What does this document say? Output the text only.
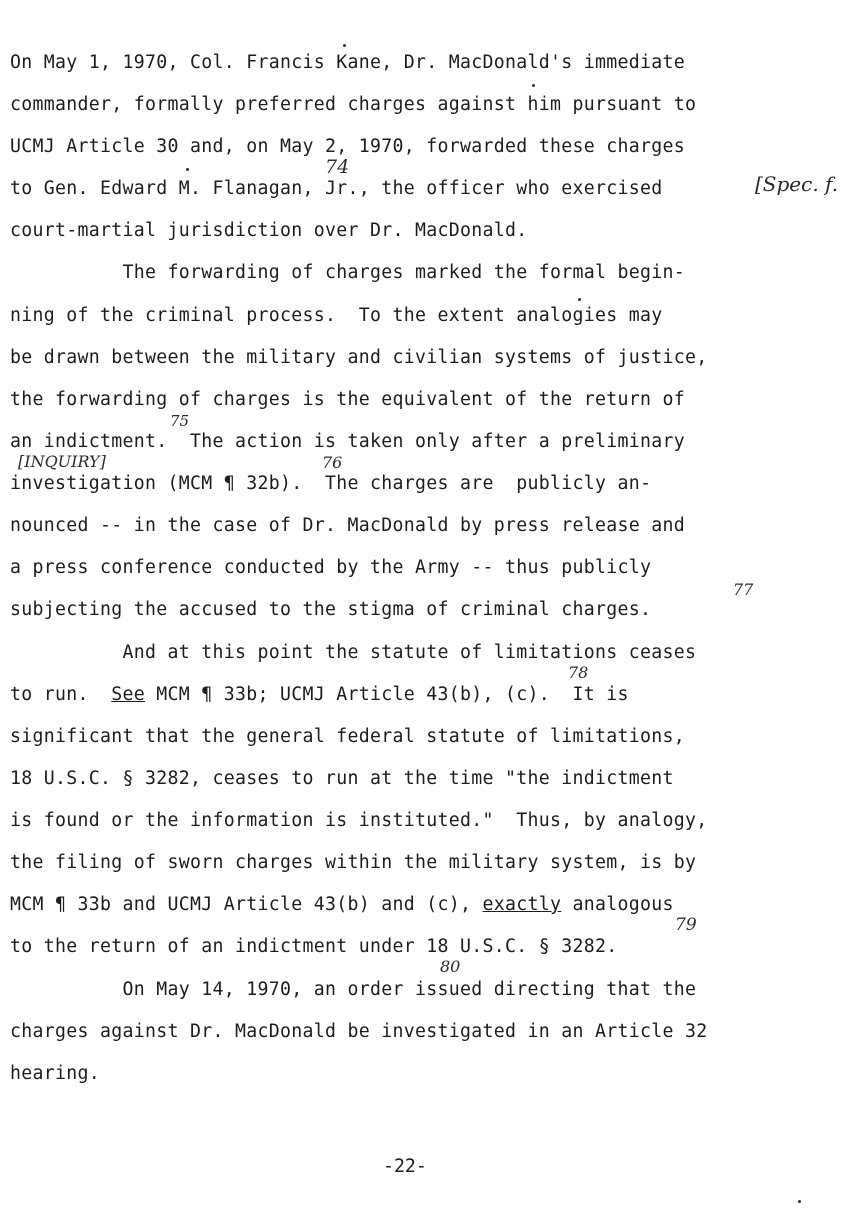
On May 1, 1970, Col. Francis Kane, Dr. MacDonald's immediate
commander, formally preferred charges against him pursuant to
UCMJ Article 30 and, on May 2, 1970, forwarded these charges
to Gen. Edward M. Flanagan, Jr., the officer who exercised
court-martial jurisdiction over Dr. MacDonald.
The forwarding of charges marked the formal begin-
ning of the criminal process.  To the extent analogies may
be drawn between the military and civilian systems of justice,
the forwarding of charges is the equivalent of the return of
an indictment.  The action is taken only after a preliminary
investigation (MCM ¶ 32b).  The charges are  publicly an-
nounced -- in the case of Dr. MacDonald by press release and
a press conference conducted by the Army -- thus publicly
subjecting the accused to the stigma of criminal charges.
And at this point the statute of limitations ceases
to run.  See MCM ¶ 33b; UCMJ Article 43(b), (c).  It is
significant that the general federal statute of limitations,
18 U.S.C. § 3282, ceases to run at the time "the indictment
is found or the information is instituted."  Thus, by analogy,
the filing of sworn charges within the military system, is by
MCM ¶ 33b and UCMJ Article 43(b) and (c), exactly analogous
to the return of an indictment under 18 U.S.C. § 3282.
On May 14, 1970, an order issued directing that the
charges against Dr. MacDonald be investigated in an Article 32
hearing.
74
[Spec. f.
75
[INQUIRY]	76
77
78
79
80
-22-
